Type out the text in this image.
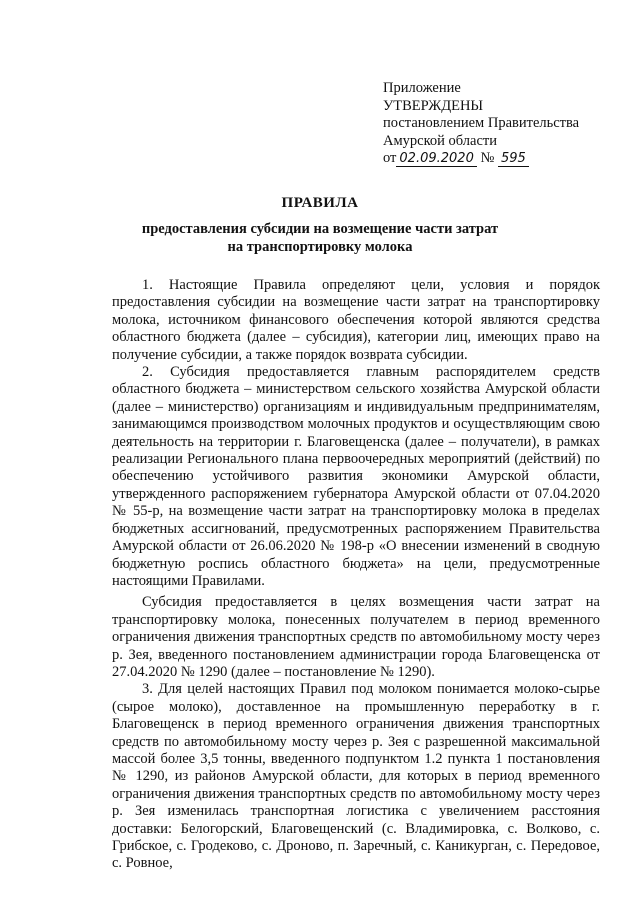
Приложение
УТВЕРЖДЕНЫ
постановлением Правительства
Амурской области
от 02.09.2020 № 595
ПРАВИЛА
предоставления субсидии на возмещение части затрат
на транспортировку молока

1. Настоящие Правила определяют цели, условия и порядок предоставления субсидии на возмещение части затрат на транспортировку молока, источником финансового обеспечения которой являются средства областного бюджета (далее – субсидия), категории лиц, имеющих право на получение субсидии, а также порядок возврата субсидии.

2. Субсидия предоставляется главным распорядителем средств областного бюджета – министерством сельского хозяйства Амурской области (далее – министерство) организациям и индивидуальным предпринимателям, занимающимся производством молочных продуктов и осуществляющим свою деятельность на территории г. Благовещенска (далее – получатели), в рамках реализации Регионального плана первоочередных мероприятий (действий) по обеспечению устойчивого развития экономики Амурской области, утвержденного распоряжением губернатора Амурской области от 07.04.2020 № 55-р, на возмещение части затрат на транспортировку молока в пределах бюджетных ассигнований, предусмотренных распоряжением Правительства Амурской области от 26.06.2020 № 198-р «О внесении изменений в сводную бюджетную роспись областного бюджета» на цели, предусмотренные настоящими Правилами.

Субсидия предоставляется в целях возмещения части затрат на транспортировку молока, понесенных получателем в период временного ограничения движения транспортных средств по автомобильному мосту через р. Зея, введенного постановлением администрации города Благовещенска от 27.04.2020 № 1290 (далее – постановление № 1290).

3. Для целей настоящих Правил под молоком понимается молоко-сырье (сырое молоко), доставленное на промышленную переработку в г. Благовещенск в период временного ограничения движения транспортных средств по автомобильному мосту через р. Зея с разрешенной максимальной массой более 3,5 тонны, введенного подпунктом 1.2 пункта 1 постановления № 1290, из районов Амурской области, для которых в период временного ограничения движения транспортных средств по автомобильному мосту через р. Зея изменилась транспортная логистика с увеличением расстояния доставки: Белогорский, Благовещенский (с. Владимировка, с. Волково, с. Грибское, с. Гродеково, с. Дроново, п. Заречный, с. Каникурган, с. Передовое, с. Ровное,
